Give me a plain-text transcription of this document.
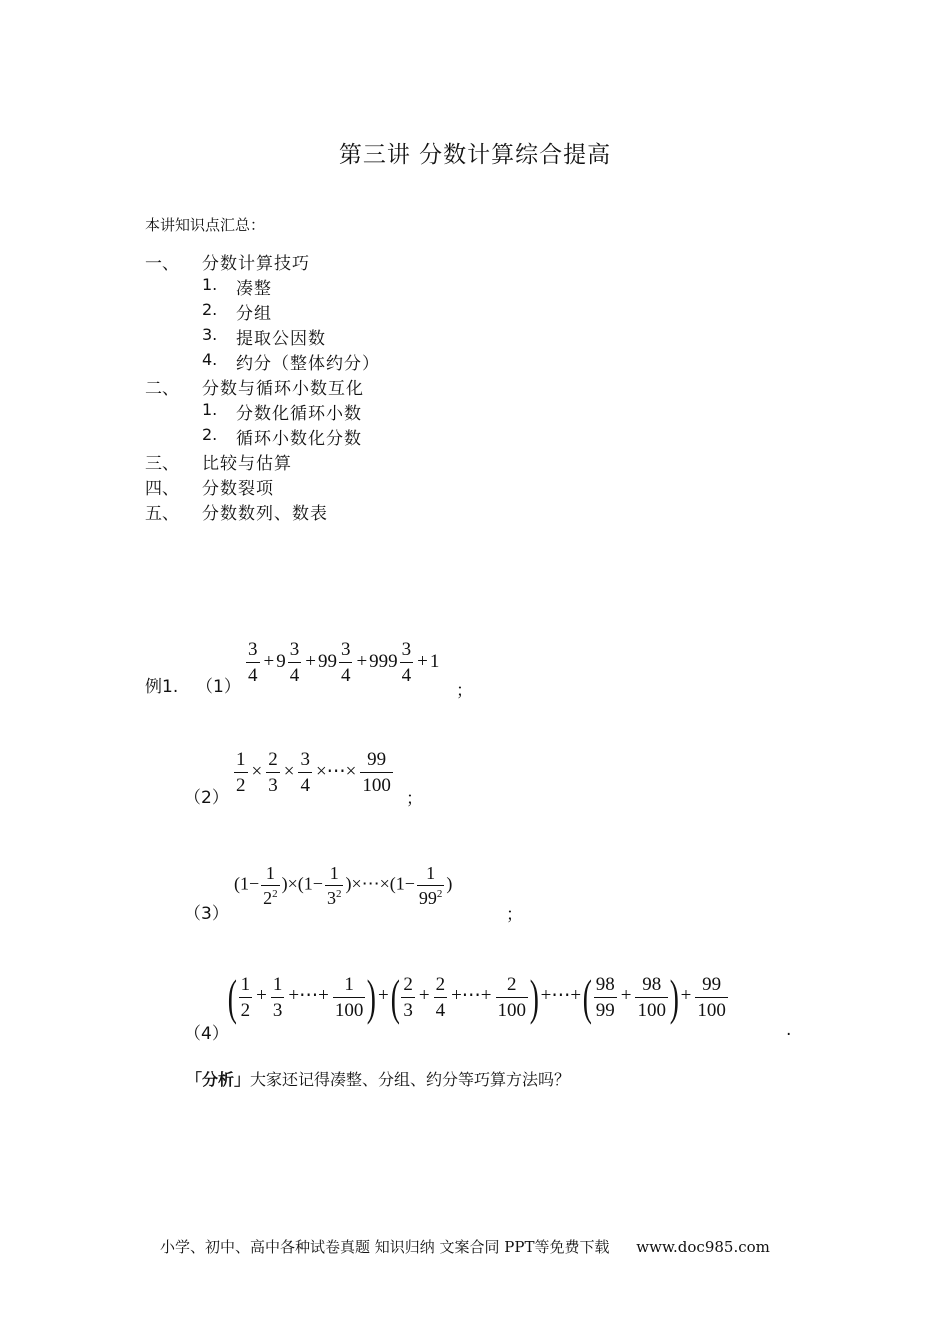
第三讲 分数计算综合提高
本讲知识点汇总：
一、 分数计算技巧
1. 凑整
2. 分组
3. 提取公因数
4. 约分（整体约分）
二、 分数与循环小数互化
1. 分数化循环小数
2. 循环小数化分数
三、 比较与估算
四、 分数裂项
五、 分数数列、数表
例1. （1）
$\frac{3}{4} + 9 \frac{3}{4} + 99 \frac{3}{4} + 999 \frac{3}{4} + 1$
；
（2）
$\frac{1}{2} \times \frac{2}{3} \times \frac{3}{4}$ ×⋯× $\frac{99}{100}$
；
（3）
$(1- \frac{1}{2^2} )\times(1- \frac{1}{3^2}$ )×⋯×(1− $\frac{1}{99^2}$ )
；
（4）
( $\frac{1}{2} + \frac{1}{3}$ +⋯+ $\frac{1}{100}$ )+( $\frac{2}{3} + \frac{2}{4}$ +⋯+ $\frac{2}{100}$ )+⋯+( $\frac{98}{99} + \frac{98}{100}$ )+ $\frac{99}{100}$
.
「分析」大家还记得凑整、分组、约分等巧算方法吗？
小学、初中、高中各种试卷真题 知识归纳 文案合同 PPT等免费下载 www.doc985.com
